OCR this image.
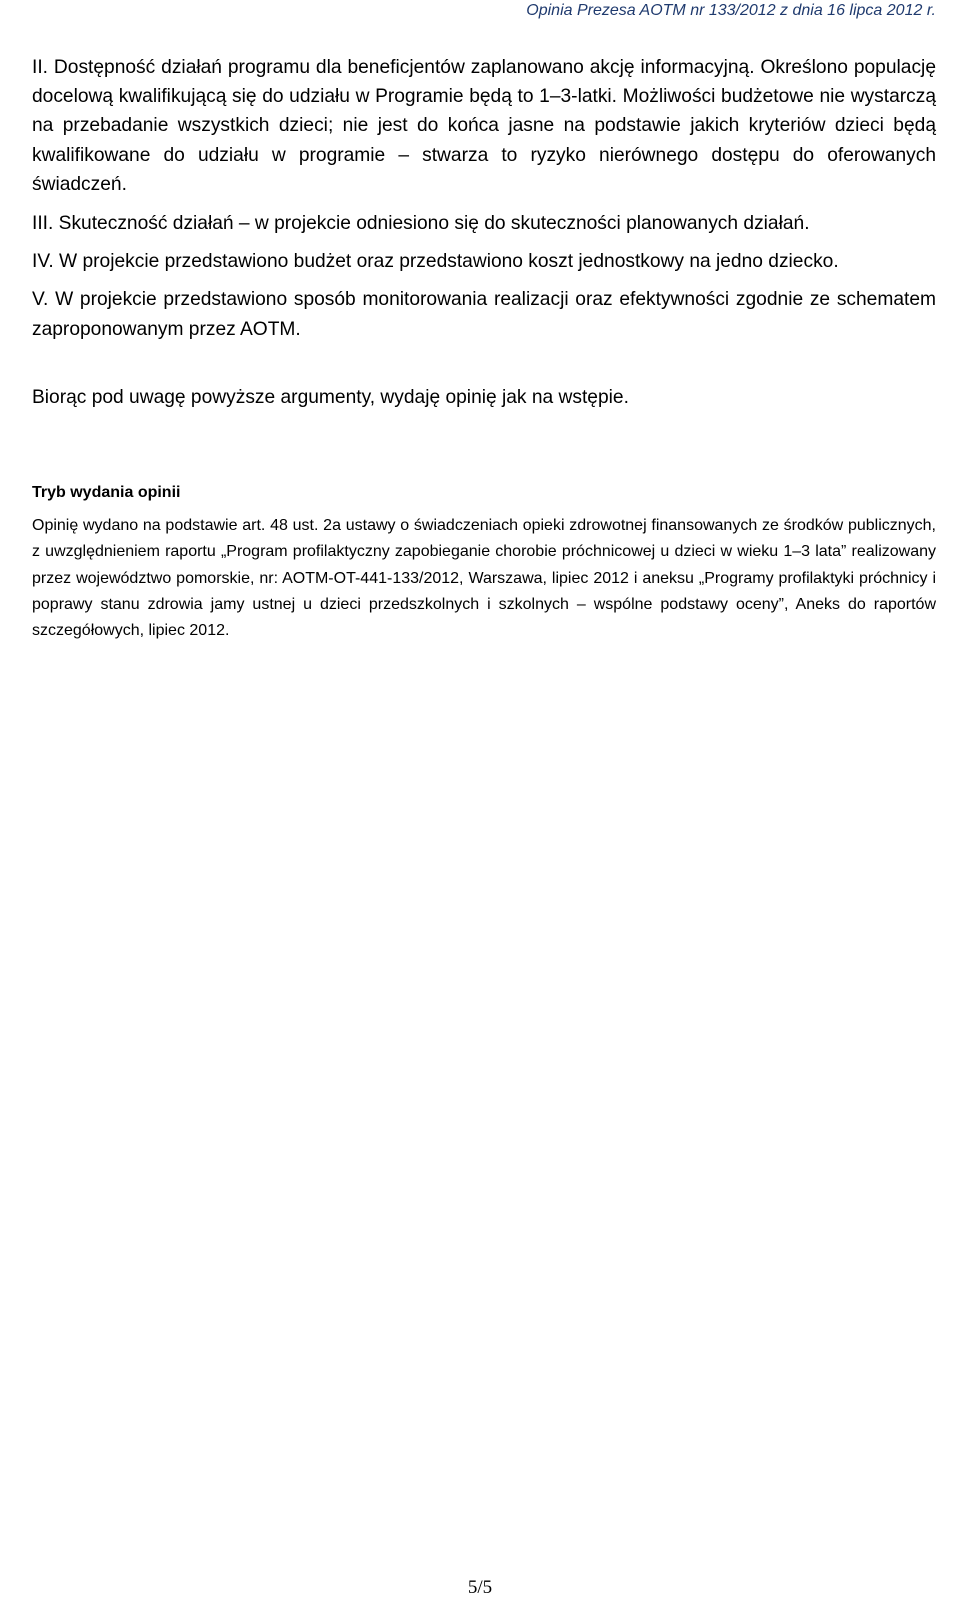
Opinia Prezesa AOTM nr 133/2012 z dnia 16 lipca 2012 r.

II. Dostępność działań programu dla beneficjentów zaplanowano akcję informacyjną. Określono populację docelową kwalifikującą się do udziału w Programie będą to 1–3-latki. Możliwości budżetowe nie wystarczą na przebadanie wszystkich dzieci; nie jest do końca jasne na podstawie jakich kryteriów dzieci będą kwalifikowane do udziału w programie – stwarza to ryzyko nierównego dostępu do oferowanych świadczeń.

III. Skuteczność działań – w projekcie odniesiono się do skuteczności planowanych działań.

IV. W projekcie przedstawiono budżet oraz przedstawiono koszt jednostkowy na jedno dziecko.

V. W projekcie przedstawiono sposób monitorowania realizacji oraz efektywności zgodnie ze schematem zaproponowanym przez AOTM.

Biorąc pod uwagę powyższe argumenty, wydaję opinię jak na wstępie.

Tryb wydania opinii

Opinię wydano na podstawie art. 48 ust. 2a ustawy o świadczeniach opieki zdrowotnej finansowanych ze środków publicznych, z uwzględnieniem raportu „Program profilaktyczny zapobieganie chorobie próchnicowej u dzieci w wieku 1–3 lata” realizowany przez województwo pomorskie, nr: AOTM-OT-441-133/2012, Warszawa, lipiec 2012 i aneksu „Programy profilaktyki próchnicy i poprawy stanu zdrowia jamy ustnej u dzieci przedszkolnych i szkolnych – wspólne podstawy oceny”, Aneks do raportów szczegółowych, lipiec 2012.

5/5
